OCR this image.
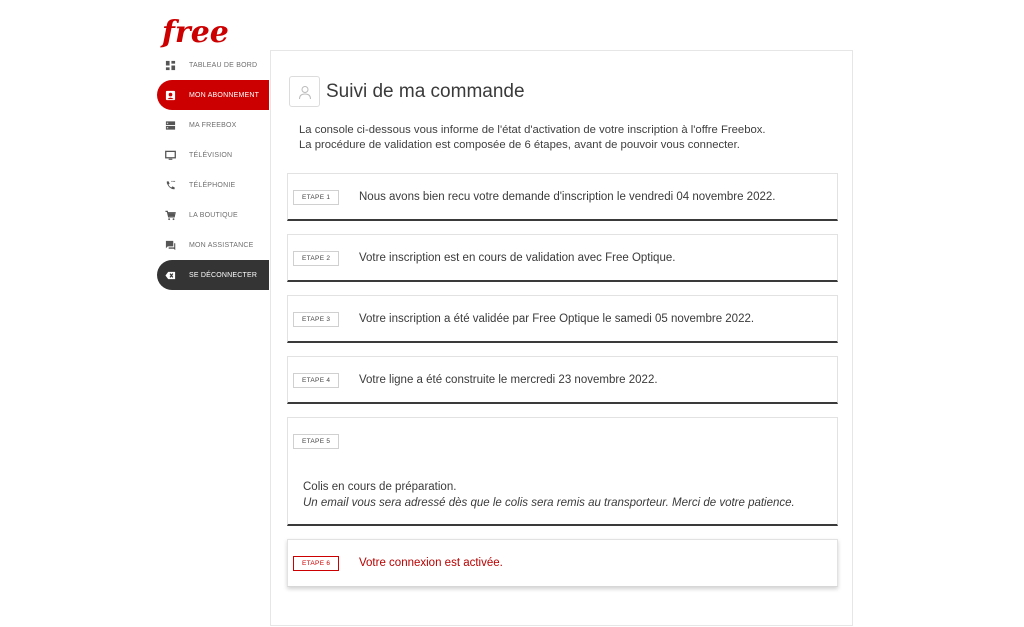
free
TABLEAU DE BORD
MON ABONNEMENT
MA FREEBOX
TÉLÉVISION
TÉLÉPHONIE
LA BOUTIQUE
MON ASSISTANCE
SE DÉCONNECTER
Suivi de ma commande
La console ci-dessous vous informe de l'état d'activation de votre inscription à l'offre Freebox.
La procédure de validation est composée de 6 étapes, avant de pouvoir vous connecter.
ETAPE 1	Nous avons bien recu votre demande d'inscription le vendredi 04 novembre 2022.
ETAPE 2	Votre inscription est en cours de validation avec Free Optique.
ETAPE 3	Votre inscription a été validée par Free Optique le samedi 05 novembre 2022.
ETAPE 4	Votre ligne a été construite le mercredi 23 novembre 2022.
ETAPE 5
Colis en cours de préparation.
Un email vous sera adressé dès que le colis sera remis au transporteur. Merci de votre patience.
ETAPE 6	Votre connexion est activée.
